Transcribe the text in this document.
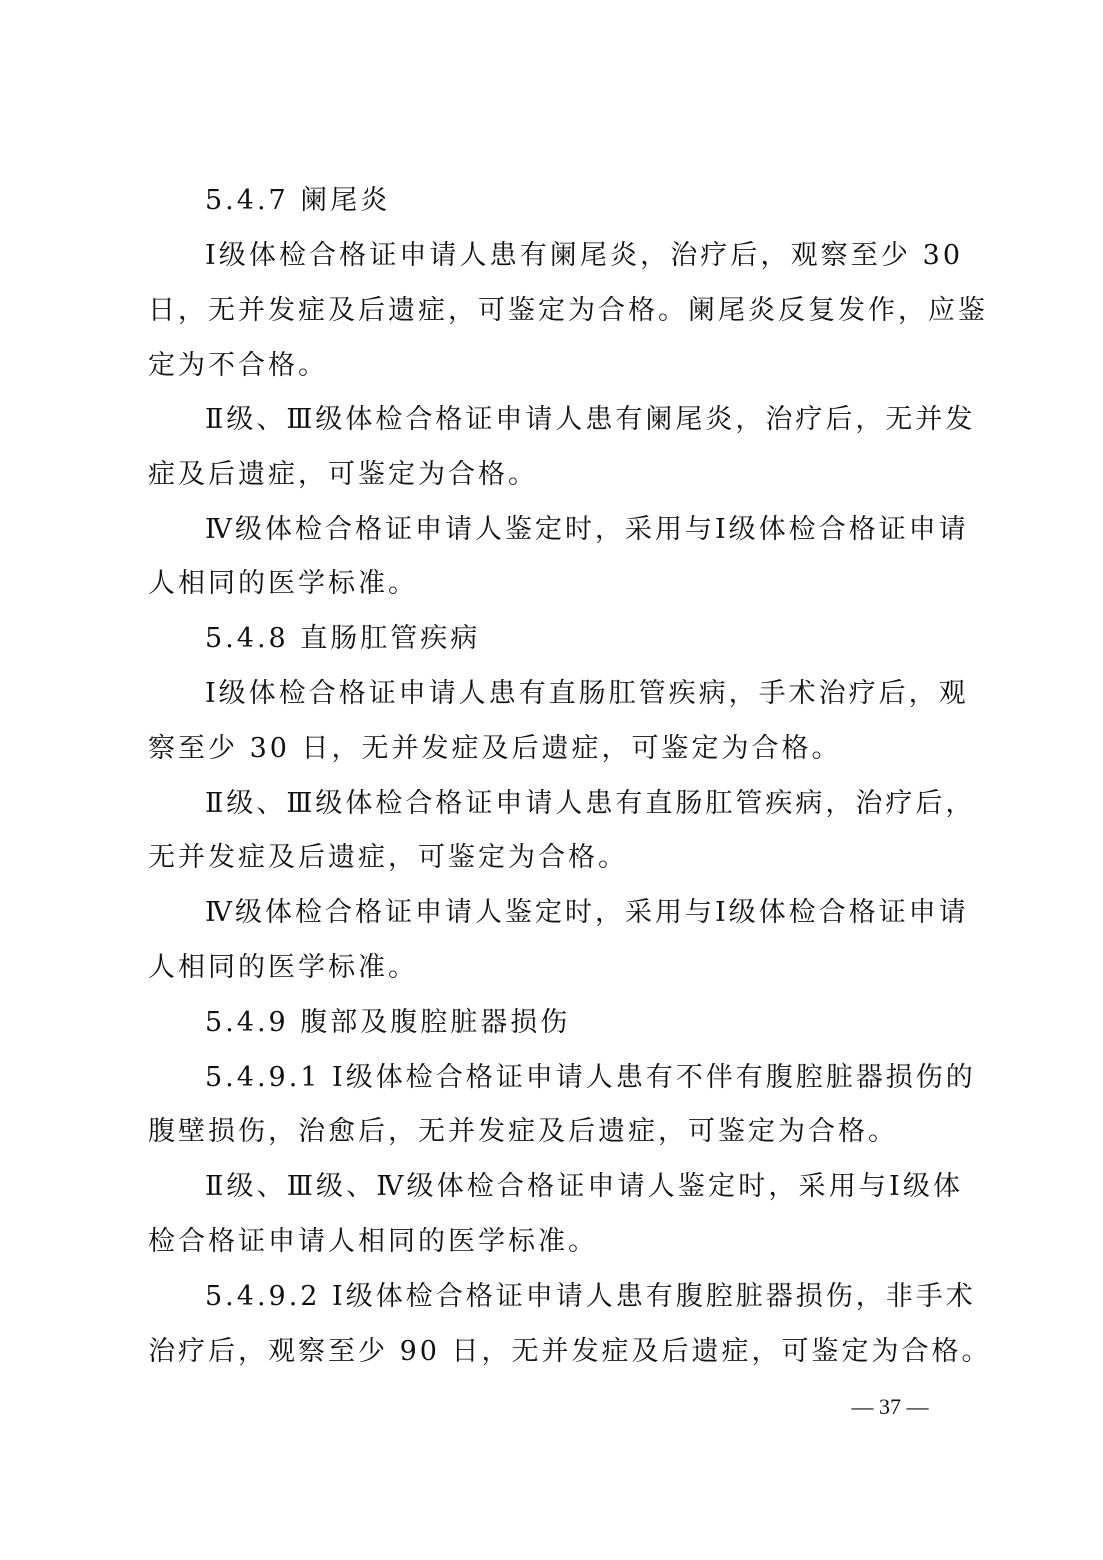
5.4.7 阑尾炎
Ⅰ级体检合格证申请人患有阑尾炎，治疗后，观察至少 30
日，无并发症及后遗症，可鉴定为合格。阑尾炎反复发作，应鉴
定为不合格。
Ⅱ级、Ⅲ级体检合格证申请人患有阑尾炎，治疗后，无并发
症及后遗症，可鉴定为合格。
Ⅳ级体检合格证申请人鉴定时，采用与Ⅰ级体检合格证申请
人相同的医学标准。
5.4.8 直肠肛管疾病
Ⅰ级体检合格证申请人患有直肠肛管疾病，手术治疗后，观
察至少 30 日，无并发症及后遗症，可鉴定为合格。
Ⅱ级、Ⅲ级体检合格证申请人患有直肠肛管疾病，治疗后，
无并发症及后遗症，可鉴定为合格。
Ⅳ级体检合格证申请人鉴定时，采用与Ⅰ级体检合格证申请
人相同的医学标准。
5.4.9 腹部及腹腔脏器损伤
5.4.9.1 Ⅰ级体检合格证申请人患有不伴有腹腔脏器损伤的
腹壁损伤，治愈后，无并发症及后遗症，可鉴定为合格。
Ⅱ级、Ⅲ级、Ⅳ级体检合格证申请人鉴定时，采用与Ⅰ级体
检合格证申请人相同的医学标准。
5.4.9.2 Ⅰ级体检合格证申请人患有腹腔脏器损伤，非手术
治疗后，观察至少 90 日，无并发症及后遗症，可鉴定为合格。
— 37 —
